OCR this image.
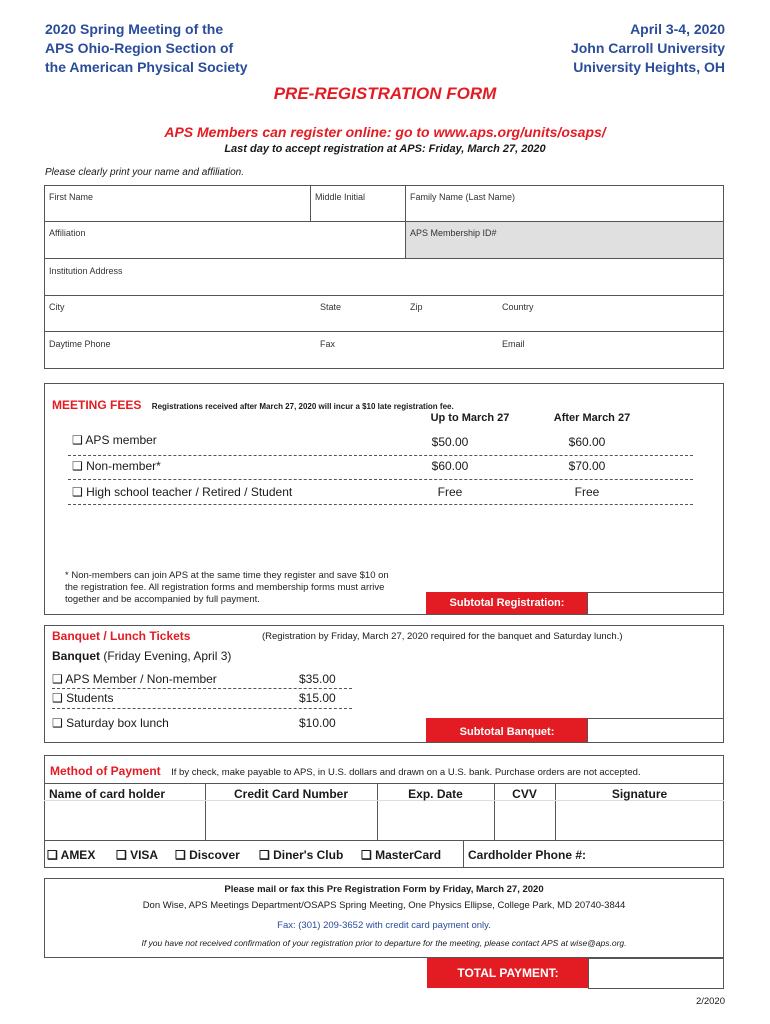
2020 Spring Meeting of the
APS Ohio-Region Section of
the American Physical Society
April 3-4, 2020
John Carroll University
University Heights, OH
PRE-REGISTRATION FORM
APS Members can register online: go to www.aps.org/units/osaps/
Last day to accept registration at APS: Friday, March 27, 2020
Please clearly print your name and affiliation.
First Name	Middle Initial	Family Name (Last Name)
Affiliation	APS Membership ID#
Institution Address
City	State	Zip	Country
Daytime Phone	Fax	Email
MEETING FEES Registrations received after March 27, 2020 will incur a $10 late registration fee.
Up to March 27	After March 27
❑ APS member	$50.00	$60.00
❑ Non-member*	$60.00	$70.00
❑ High school teacher / Retired / Student	Free	Free
* Non-members can join APS at the same time they register and save $10 on
the registration fee. All registration forms and membership forms must arrive
together and be accompanied by full payment.	Subtotal Registration:
Banquet / Lunch Tickets	(Registration by Friday, March 27, 2020 required for the banquet and Saturday lunch.)
Banquet (Friday Evening, April 3)
❑ APS Member / Non-member	$35.00
❑ Students	$15.00
❑ Saturday box lunch	$10.00
Subtotal Banquet:
Method of Payment If by check, make payable to APS, in U.S. dollars and drawn on a U.S. bank. Purchase orders are not accepted.
Name of card holder	Credit Card Number	Exp. Date	CVV	Signature
❑ AMEX ❑ VISA ❑ Discover ❑ Diner's Club ❑ MasterCard Cardholder Phone #:
Please mail or fax this Pre Registration Form by Friday, March 27, 2020
Don Wise, APS Meetings Department/OSAPS Spring Meeting, One Physics Ellipse, College Park, MD 20740-3844
Fax: (301) 209-3652 with credit card payment only.
If you have not received confirmation of your registration prior to departure for the meeting, please contact APS at wise@aps.org.
TOTAL PAYMENT:
2/2020
